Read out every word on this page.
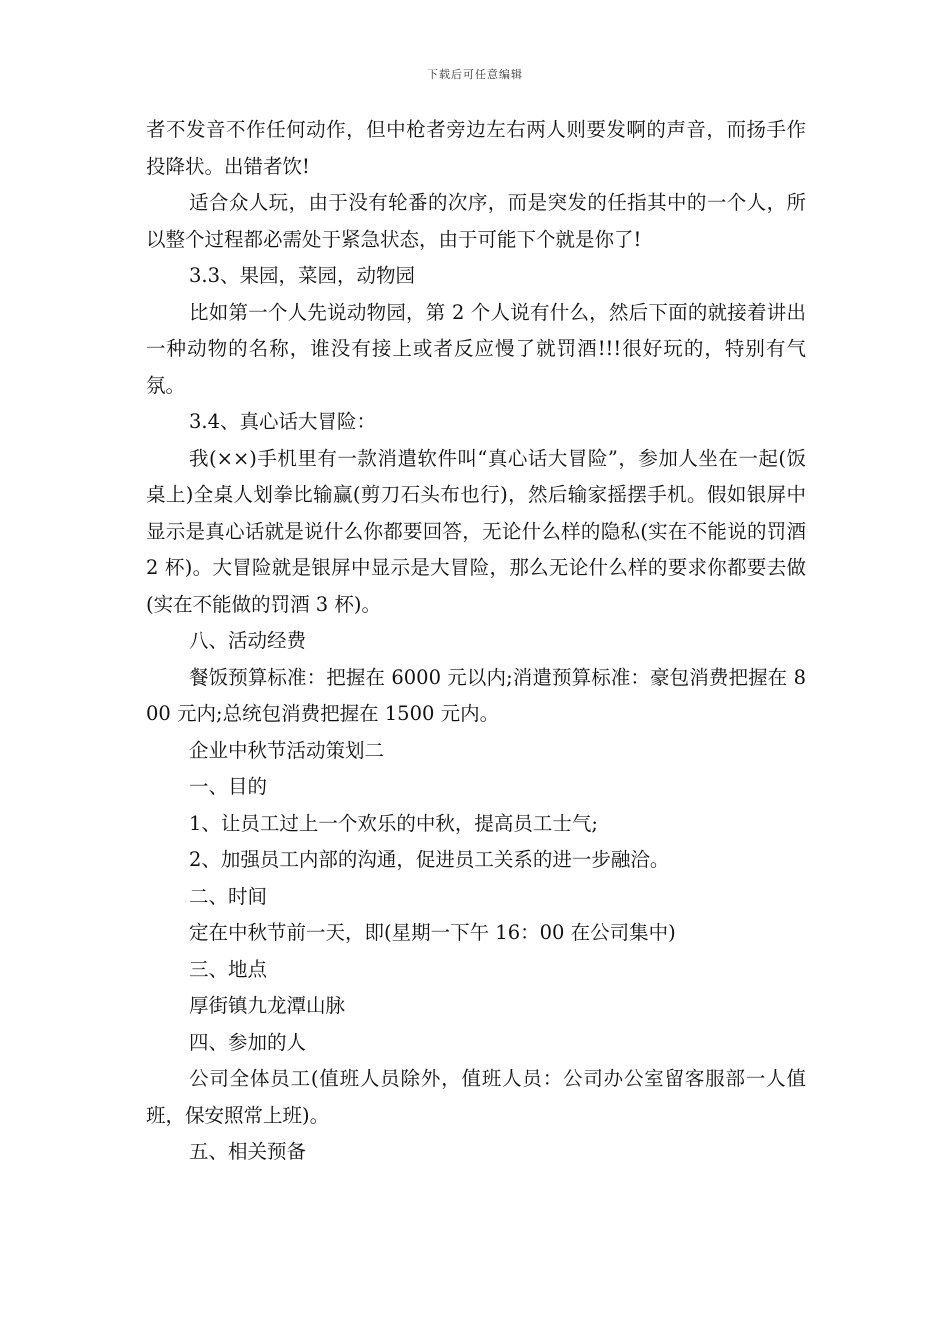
下载后可任意编辑

者不发音不作任何动作，但中枪者旁边左右两人则要发啊的声音，而扬手作投降状。出错者饮!

适合众人玩，由于没有轮番的次序，而是突发的任指其中的一个人，所以整个过程都必需处于紧急状态，由于可能下个就是你了!

3.3、果园，菜园，动物园

比如第一个人先说动物园，第 2 个人说有什么，然后下面的就接着讲出一种动物的名称，谁没有接上或者反应慢了就罚酒!!!很好玩的，特别有气氛。

3.4、真心话大冒险：

我(××)手机里有一款消遣软件叫“真心话大冒险”，参加人坐在一起(饭桌上)全桌人划拳比输赢(剪刀石头布也行)，然后输家摇摆手机。假如银屏中显示是真心话就是说什么你都要回答，无论什么样的隐私(实在不能说的罚酒 2 杯)。大冒险就是银屏中显示是大冒险，那么无论什么样的要求你都要去做(实在不能做的罚酒 3 杯)。

八、活动经费

餐饭预算标准：把握在 6000 元以内;消遣预算标准：豪包消费把握在 800 元内;总统包消费把握在 1500 元内。

企业中秋节活动策划二

一、目的

1、让员工过上一个欢乐的中秋，提高员工士气;

2、加强员工内部的沟通，促进员工关系的进一步融洽。

二、时间

定在中秋节前一天，即(星期一下午 16：00 在公司集中)

三、地点

厚街镇九龙潭山脉

四、参加的人

公司全体员工(值班人员除外，值班人员：公司办公室留客服部一人值班，保安照常上班)。

五、相关预备
